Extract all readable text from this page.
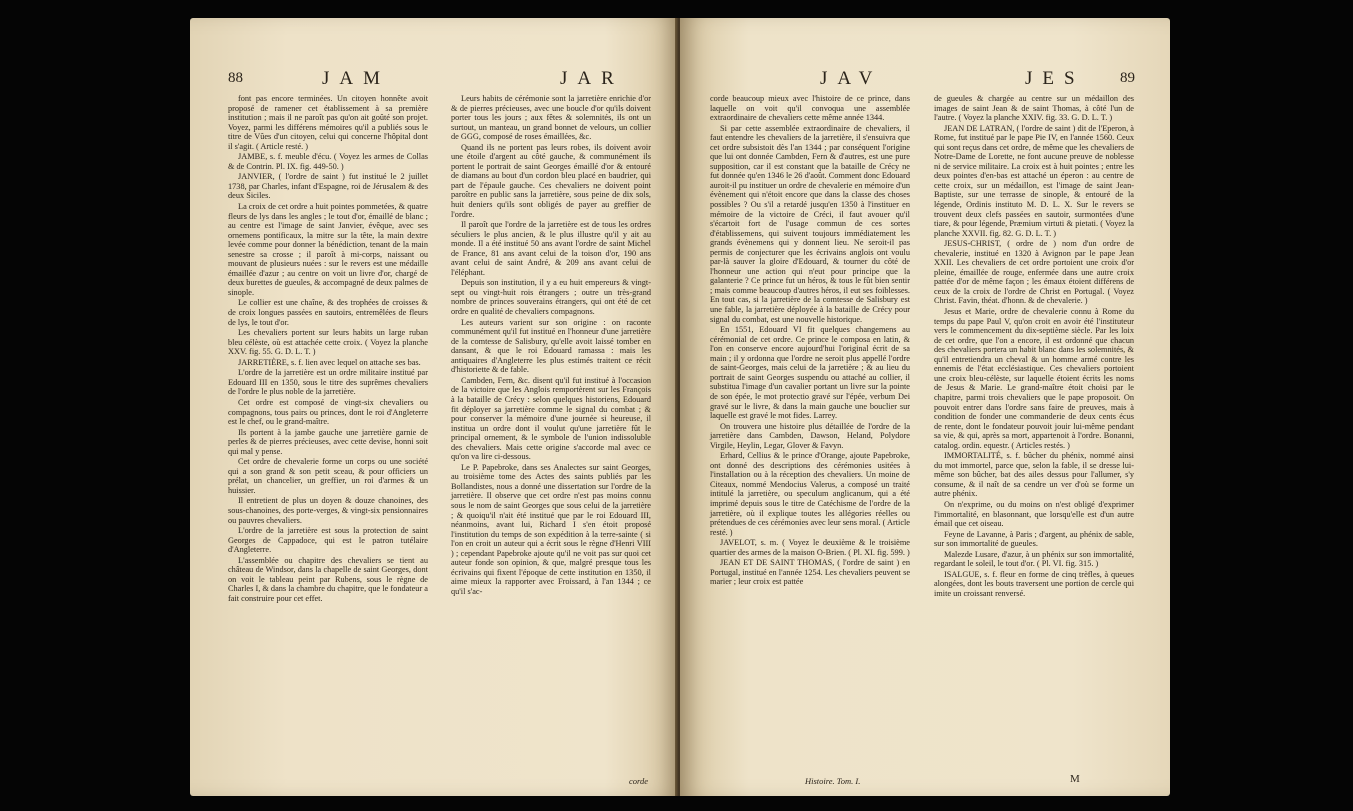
88	JAM	JAR

font pas encore terminées. Un citoyen honnête avoit proposé de ramener cet établissement à sa première institution ; mais il ne paroît pas qu'on ait goûté son projet. Voyez, parmi les différens mémoires qu'il a publiés sous le titre de Vûes d'un citoyen, celui qui concerne l'hôpital dont il s'agit. ( Article resté. )

JAMBE, s. f. meuble d'écu. ( Voyez les armes de Collas & de Contrin. Pl. IX. fig. 449-50. )

JANVIER, ( l'ordre de saint ) fut institué le 2 juillet 1738, par Charles, infant d'Espagne, roi de Jérusalem & des deux Siciles.

La croix de cet ordre a huit pointes pommetées, & quatre fleurs de lys dans les angles ; le tout d'or, émaillé de blanc ; au centre est l'image de saint Janvier, évêque, avec ses ornemens pontificaux, la mitre sur la tête, la main dextre levée comme pour donner la bénédiction, tenant de la main senestre sa crosse ; il paroît à mi-corps, naissant ou mouvant de plusieurs nuées : sur le revers est une médaille émaillée d'azur ; au centre on voit un livre d'or, chargé de deux burettes de gueules, & accompagné de deux palmes de sinople.

Le collier est une chaîne, & des trophées de croisses & de croix longues passées en sautoirs, entremêlées de fleurs de lys, le tout d'or.

Les chevaliers portent sur leurs habits un large ruban bleu célèste, où est attachée cette croix. ( Voyez la planche XXV. fig. 55. G. D. L. T. )

JARRETIÈRE, s. f. lien avec lequel on attache ses bas.

L'ordre de la jarretière est un ordre militaire institué par Edouard III en 1350, sous le titre des suprêmes chevaliers de l'ordre le plus noble de la jarretière.

Cet ordre est composé de vingt-six chevaliers ou compagnons, tous pairs ou princes, dont le roi d'Angleterre est le chef, ou le grand-maître.

Ils portent à la jambe gauche une jarretière garnie de perles & de pierres précieuses, avec cette devise, honni soit qui mal y pense.

Cet ordre de chevalerie forme un corps ou une société qui a son grand & son petit sceau, & pour officiers un prélat, un chancelier, un greffier, un roi d'armes & un huissier.

Il entretient de plus un doyen & douze chanoines, des sous-chanoines, des porte-verges, & vingt-six pensionnaires ou pauvres chevaliers.

L'ordre de la jarretière est sous la protection de saint Georges de Cappadoce, qui est le patron tutélaire d'Angleterre.

L'assemblée ou chapitre des chevaliers se tient au château de Windsor, dans la chapelle de saint Georges, dont on voit le tableau peint par Rubens, sous le règne de Charles I, & dans la chambre du chapitre, que le fondateur a fait construire pour cet effet.

Leurs habits de cérémonie sont la jarretière enrichie d'or & de pierres précieuses, avec une boucle d'or qu'ils doivent porter tous les jours ; aux fêtes & solemnités, ils ont un surtout, un manteau, un grand bonnet de velours, un collier de GGG, composé de roses émaillées, &c.

Quand ils ne portent pas leurs robes, ils doivent avoir une étoile d'argent au côté gauche, & communément ils portent le portrait de saint Georges émaillé d'or & entouré de diamans au bout d'un cordon bleu placé en baudrier, qui part de l'épaule gauche. Ces chevaliers ne doivent point paroître en public sans la jarretière, sous peine de dix sols, huit deniers qu'ils sont obligés de payer au greffier de l'ordre.

Il paroît que l'ordre de la jarretière est de tous les ordres séculiers le plus ancien, & le plus illustre qu'il y ait au monde. Il a été institué 50 ans avant l'ordre de saint Michel de France, 81 ans avant celui de la toison d'or, 190 ans avant celui de saint André, & 209 ans avant celui de l'éléphant.

Depuis son institution, il y a eu huit empereurs & vingt-sept ou vingt-huit rois étrangers ; outre un très-grand nombre de princes souverains étrangers, qui ont été de cet ordre en qualité de chevaliers compagnons.

Les auteurs varient sur son origine : on raconte communément qu'il fut institué en l'honneur d'une jarretière de la comtesse de Salisbury, qu'elle avoit laissé tomber en dansant, & que le roi Edouard ramassa : mais les antiquaires d'Angleterre les plus estimés traitent ce récit d'historiette & de fable.

Cambden, Fern, &c. disent qu'il fut institué à l'occasion de la victoire que les Anglois remportèrent sur les François à la bataille de Crécy : selon quelques historiens, Edouard fit déployer sa jarretière comme le signal du combat ; & pour conserver la mémoire d'une journée si heureuse, il institua un ordre dont il voulut qu'une jarretière fût le principal ornement, & le symbole de l'union indissoluble des chevaliers. Mais cette origine s'accorde mal avec ce qu'on va lire ci-dessous.

Le P. Papebroke, dans ses Analectes sur saint Georges, au troisième tome des Actes des saints publiés par les Bollandistes, nous a donné une dissertation sur l'ordre de la jarretière. Il observe que cet ordre n'est pas moins connu sous le nom de saint Georges que sous celui de la jarretière ; & quoiqu'il n'ait été institué que par le roi Edouard III, néanmoins, avant lui, Richard I s'en étoit proposé l'institution du temps de son expédition à la terre-sainte ( si l'on en croit un auteur qui a écrit sous le règne d'Henri VIII ) ; cependant Papebroke ajoute qu'il ne voit pas sur quoi cet auteur fonde son opinion, & que, malgré presque tous les écrivains qui fixent l'époque de cette institution en 1350, il aime mieux la rapporter avec Froissard, à l'an 1344 ; ce qu'il s'ac-

corde
JAV	JES 89

corde beaucoup mieux avec l'histoire de ce prince, dans laquelle on voit qu'il convoqua une assemblée extraordinaire de chevaliers cette même année 1344.

Si par cette assemblée extraordinaire de chevaliers, il faut entendre les chevaliers de la jarretière, il s'ensuivra que cet ordre subsistoit dès l'an 1344 ; par conséquent l'origine que lui ont donnée Cambden, Fern & d'autres, est une pure supposition, car il est constant que la bataille de Crécy ne fut donnée qu'en 1346 le 26 d'août. Comment donc Edouard auroit-il pu instituer un ordre de chevalerie en mémoire d'un évènement qui n'étoit encore que dans la classe des choses possibles ? Ou s'il a retardé jusqu'en 1350 à l'instituer en mémoire de la victoire de Créci, il faut avouer qu'il s'écartoit fort de l'usage commun de ces sortes d'établissemens, qui suivent toujours immédiatement les grands évènemens qui y donnent lieu. Ne seroit-il pas permis de conjecturer que les écrivains anglois ont voulu par-là sauver la gloire d'Edouard, & tourner du côté de l'honneur une action qui n'eut pour principe que la galanterie ? Ce prince fut un héros, & tous le fût bien sentir ; mais comme beaucoup d'autres héros, il eut ses foiblesses. En tout cas, si la jarretière de la comtesse de Salisbury est une fable, la jarretière déployée à la bataille de Crécy pour signal du combat, est une nouvelle historique.

En 1551, Edouard VI fit quelques changemens au cérémonial de cet ordre. Ce prince le composa en latin, & l'on en conserve encore aujourd'hui l'original écrit de sa main ; il y ordonna que l'ordre ne seroit plus appellé l'ordre de saint-Georges, mais celui de la jarretière ; & au lieu du portrait de saint Georges suspendu ou attaché au collier, il substitua l'image d'un cavalier portant un livre sur la pointe de son épée, le mot protectio gravé sur l'épée, verbum Dei gravé sur le livre, & dans la main gauche une bouclier sur laquelle est gravé le mot fides. Larrey.

On trouvera une histoire plus détaillée de l'ordre de la jarretière dans Cambden, Dawson, Heland, Polydore Virgile, Heylin, Legar, Glover & Favyn.

Erhard, Cellius & le prince d'Orange, ajoute Papebroke, ont donné des descriptions des cérémonies usitées à l'installation ou à la réception des chevaliers. Un moine de Citeaux, nommé Mendocius Valerus, a composé un traité intitulé la jarretière, ou speculum anglicanum, qui a été imprimé depuis sous le titre de Catéchisme de l'ordre de la jarretière, où il explique toutes les allégories réelles ou prétendues de ces cérémonies avec leur sens moral. ( Article resté. )

JAVELOT, s. m. ( Voyez le deuxième & le troisième quartier des armes de la maison O-Brien. ( Pl. XI. fig. 599. )

JEAN ET DE SAINT THOMAS, ( l'ordre de saint ) en Portugal, institué en l'année 1254. Les chevaliers peuvent se marier ; leur croix est pattée

de gueules & chargée au centre sur un médaillon des images de saint Jean & de saint Thomas, à côté l'un de l'autre. ( Voyez la planche XXIV. fig. 33. G. D. L. T. )

JEAN DE LATRAN, ( l'ordre de saint ) dit de l'Eperon, à Rome, fut institué par le pape Pie IV, en l'année 1560. Ceux qui sont reçus dans cet ordre, de même que les chevaliers de Notre-Dame de Lorette, ne font aucune preuve de noblesse ni de service militaire. La croix est à huit pointes ; entre les deux pointes d'en-bas est attaché un éperon : au centre de cette croix, sur un médaillon, est l'image de saint Jean-Baptiste, sur une terrasse de sinople, & entouré de la légende, Ordinis instituto M. D. L. X. Sur le revers se trouvent deux clefs passées en sautoir, surmontées d'une tiare, & pour légende, Præmium virtuti & pietati. ( Voyez la planche XXVII. fig. 82. G. D. L. T. )

JESUS-CHRIST, ( ordre de ) nom d'un ordre de chevalerie, institué en 1320 à Avignon par le pape Jean XXII. Les chevaliers de cet ordre portoient une croix d'or pleine, émaillée de rouge, enfermée dans une autre croix pattée d'or de même façon ; les émaux étoient différens de ceux de la croix de l'ordre de Christ en Portugal. ( Voyez Christ. Favin, théat. d'honn. & de chevalerie. )

Jesus et Marie, ordre de chevalerie connu à Rome du temps du pape Paul V, qu'on croit en avoir été l'instituteur vers le commencement du dix-septième siècle. Par les loix de cet ordre, que l'on a encore, il est ordonné que chacun des chevaliers portera un habit blanc dans les solemnités, & qu'il entretiendra un cheval & un homme armé contre les ennemis de l'état ecclésiastique. Ces chevaliers portoient une croix bleu-célèste, sur laquelle étoient écrits les noms de Jesus & Marie. Le grand-maître étoit choisi par le chapitre, parmi trois chevaliers que le pape proposoit. On pouvoit entrer dans l'ordre sans faire de preuves, mais à condition de fonder une commanderie de deux cents écus de rente, dont le fondateur pouvoit jouir lui-même pendant sa vie, & qui, après sa mort, appartenoit à l'ordre. Bonanni, catalog. ordin. equestr. ( Articles restés. )

IMMORTALITÉ, s. f. bûcher du phénix, nommé ainsi du mot immortel, parce que, selon la fable, il se dresse lui-même son bûcher, bat des ailes dessus pour l'allumer, s'y consume, & il naît de sa cendre un ver d'où se forme un autre phénix.

On n'exprime, ou du moins on n'est obligé d'exprimer l'immortalité, en blasonnant, que lorsqu'elle est d'un autre émail que cet oiseau.

Feyne de Lavanne, à Paris ; d'argent, au phénix de sable, sur son immortalité de gueules.

Malezde Lusare, d'azur, à un phénix sur son immortalité, regardant le soleil, le tout d'or. ( Pl. VI. fig. 315. )

ISALGUE, s. f. fleur en forme de cinq trèfles, à queues alongées, dont les bouts traversent une portion de cercle qui imite un croissant renversé.

Histoire. Tom. I.	M
